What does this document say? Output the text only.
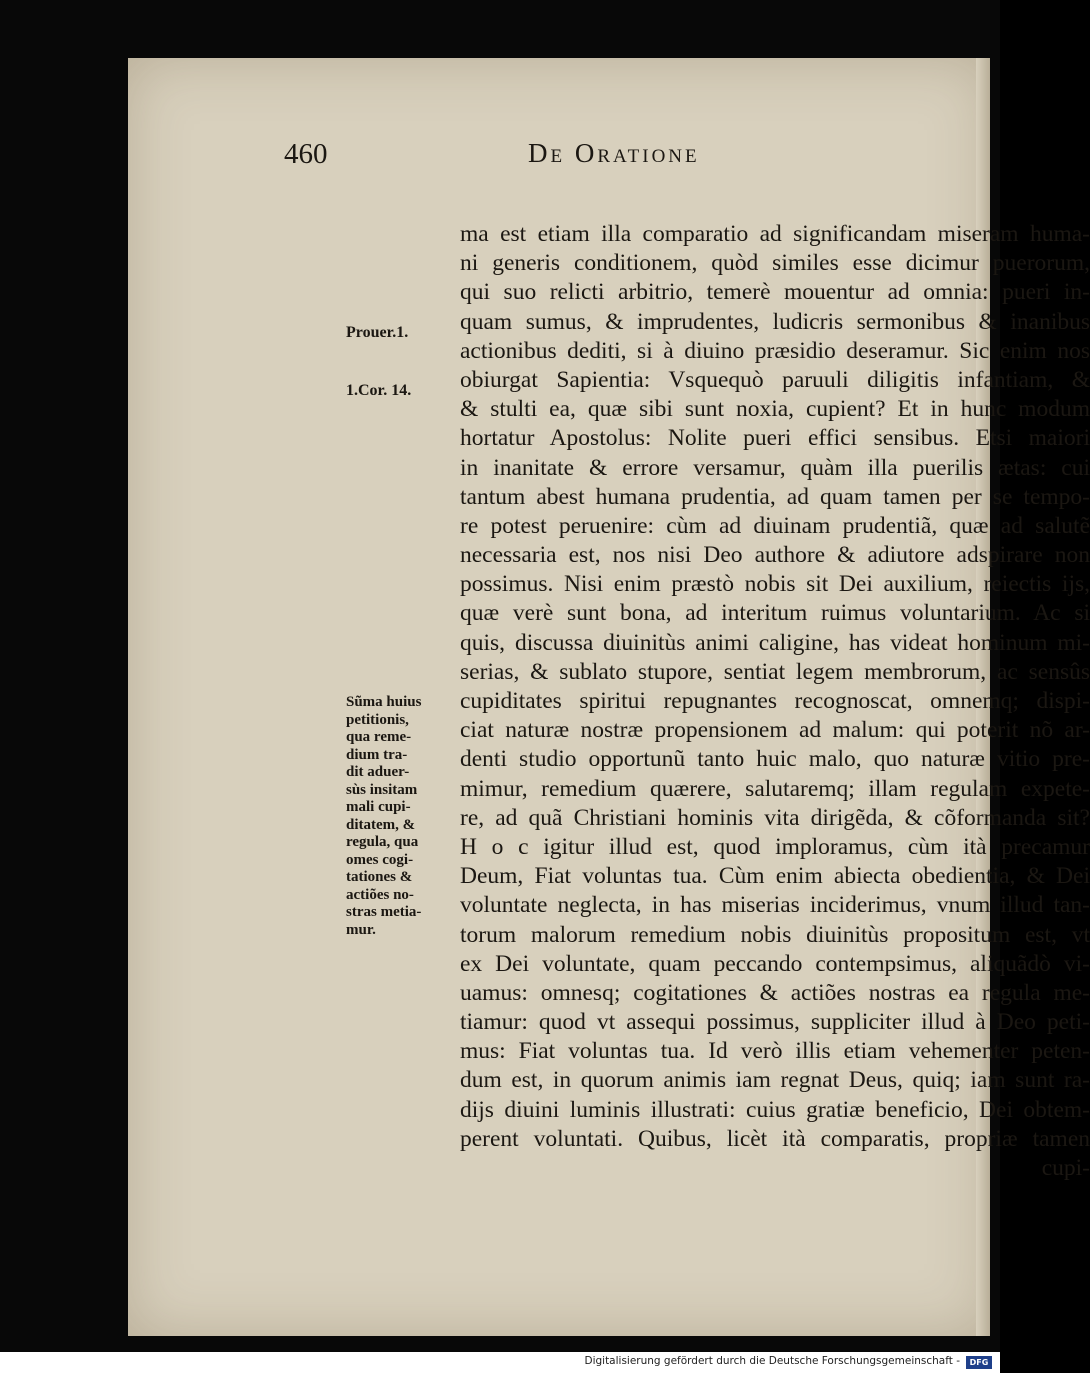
460	De Oratione
Prouer.1.
1.Cor. 14.
Sũma huius
petitionis,
qua reme-
dium tra-
dit aduer-
sùs insitam
mali cupi-
ditatem, &
regula, qua
omes cogi-
tationes &
actiões no-
stras metia-
mur.
ma est etiam illa comparatio ad significandam miseram huma-
ni generis conditionem, quòd similes esse dicimur puerorum,
qui suo relicti arbitrio, temerè mouentur ad omnia: pueri in-
quam sumus, & imprudentes, ludicris sermonibus & inanibus
actionibus dediti, si à diuino præsidio deseramur. Sic enim nos
obiurgat Sapientia: Vsquequò paruuli diligitis infantiam, &
& stulti ea, quæ sibi sunt noxia, cupient? Et in hunc modum
hortatur Apostolus: Nolite pueri effici sensibus. Etsi maiori
in inanitate & errore versamur, quàm illa puerilis ætas: cui
tantum abest humana prudentia, ad quam tamen per se tempo-
re potest peruenire: cùm ad diuinam prudentiã, quæ ad salutẽ
necessaria est, nos nisi Deo authore & adiutore adspirare non
possimus. Nisi enim præstò nobis sit Dei auxilium, reiectis ijs,
quæ verè sunt bona, ad interitum ruimus voluntarium. Ac si
quis, discussa diuinitùs animi caligine, has videat hominum mi-
serias, & sublato stupore, sentiat legem membrorum, ac sensûs
cupiditates spiritui repugnantes recognoscat, omnemq; dispi-
ciat naturæ nostræ propensionem ad malum: qui poterit nõ ar-
denti studio opportunũ tanto huic malo, quo naturæ vitio pre-
mimur, remedium quærere, salutaremq; illam regulam expete-
re, ad quã Christiani hominis vita dirigẽda, & cõformanda sit?
H o c igitur illud est, quod imploramus, cùm ità precamur
Deum, Fiat voluntas tua. Cùm enim abiecta obedientia, & Dei
voluntate neglecta, in has miserias inciderimus, vnum illud tan-
torum malorum remedium nobis diuinitùs propositum est, vt
ex Dei voluntate, quam peccando contempsimus, aliquãdò vi-
uamus: omnesq; cogitationes & actiões nostras ea regula me-
tiamur: quod vt assequi possimus, suppliciter illud à Deo peti-
mus: Fiat voluntas tua. Id verò illis etiam vehementer peten-
dum est, in quorum animis iam regnat Deus, quiq; iam sunt ra-
dijs diuini luminis illustrati: cuius gratiæ beneficio, Dei obtem-
perent voluntati. Quibus, licèt ità comparatis, propriæ tamen
cupi-
Digitalisierung gefördert durch die Deutsche Forschungsgemeinschaft -	DFG
